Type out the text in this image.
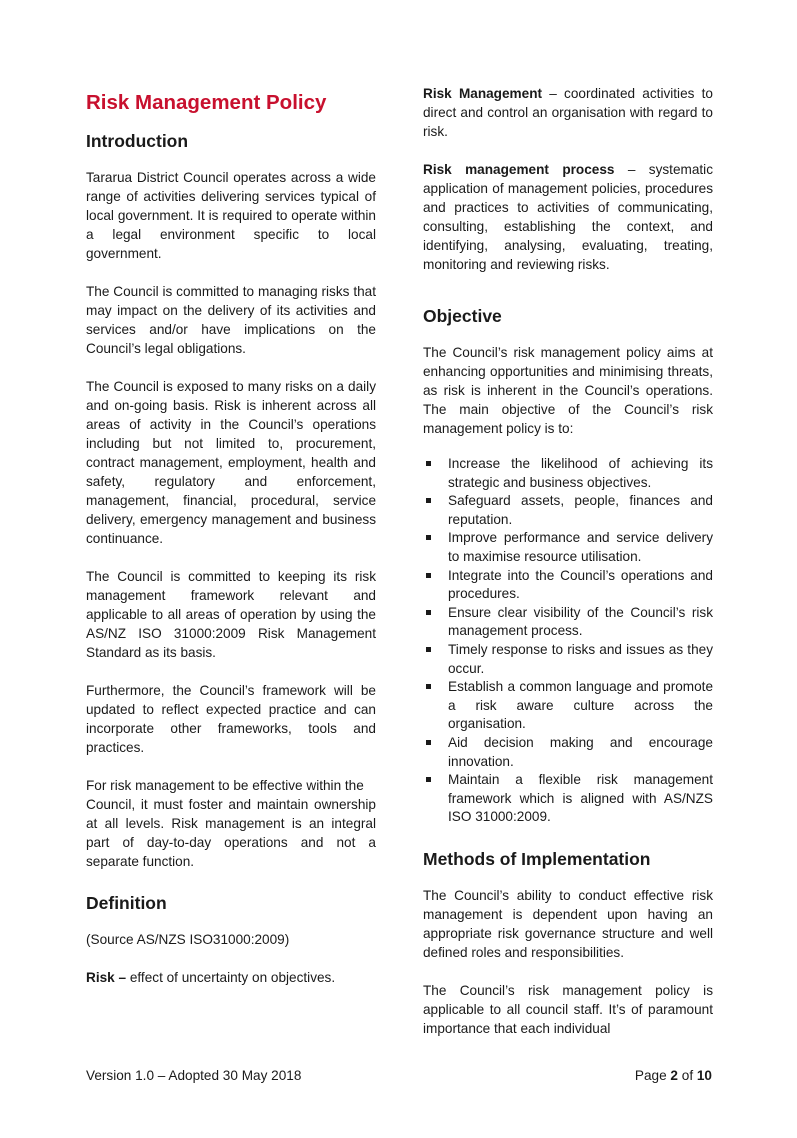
Risk Management Policy
Introduction

Tararua District Council operates across a wide range of activities delivering services typical of local government. It is required to operate within a legal environment specific to local government.

The Council is committed to managing risks that may impact on the delivery of its activities and services and/or have implications on the Council’s legal obligations.

The Council is exposed to many risks on a daily and on-going basis. Risk is inherent across all areas of activity in the Council’s operations including but not limited to, procurement, contract management, employment, health and safety, regulatory and enforcement, management, financial, procedural, service delivery, emergency management and business continuance.

The Council is committed to keeping its risk management framework relevant and applicable to all areas of operation by using the AS/NZ ISO 31000:2009 Risk Management Standard as its basis.

Furthermore, the Council’s framework will be updated to reflect expected practice and can incorporate other frameworks, tools and practices.

For risk management to be effective within the

Council, it must foster and maintain ownership at all levels. Risk management is an integral part of day-to-day operations and not a separate function.

Definition

(Source AS/NZS ISO31000:2009)

Risk – effect of uncertainty on objectives.

Risk Management – coordinated activities to direct and control an organisation with regard to risk.

Risk management process – systematic application of management policies, procedures and practices to activities of communicating, consulting, establishing the context, and identifying, analysing, evaluating, treating, monitoring and reviewing risks.

Objective

The Council’s risk management policy aims at enhancing opportunities and minimising threats, as risk is inherent in the Council’s operations. The main objective of the Council’s risk management policy is to:

Increase the likelihood of achieving its strategic and business objectives.
Safeguard assets, people, finances and reputation.
Improve performance and service delivery to maximise resource utilisation.
Integrate into the Council’s operations and procedures.
Ensure clear visibility of the Council’s risk management process.
Timely response to risks and issues as they occur.
Establish a common language and promote a risk aware culture across the organisation.
Aid decision making and encourage innovation.
Maintain a flexible risk management framework which is aligned with AS/NZS ISO 31000:2009.
Methods of Implementation

The Council’s ability to conduct effective risk management is dependent upon having an appropriate risk governance structure and well defined roles and responsibilities.

The Council’s risk management policy is applicable to all council staff. It’s of paramount importance that each individual

Version 1.0 – Adopted 30 May 2018	Page 2 of 10
